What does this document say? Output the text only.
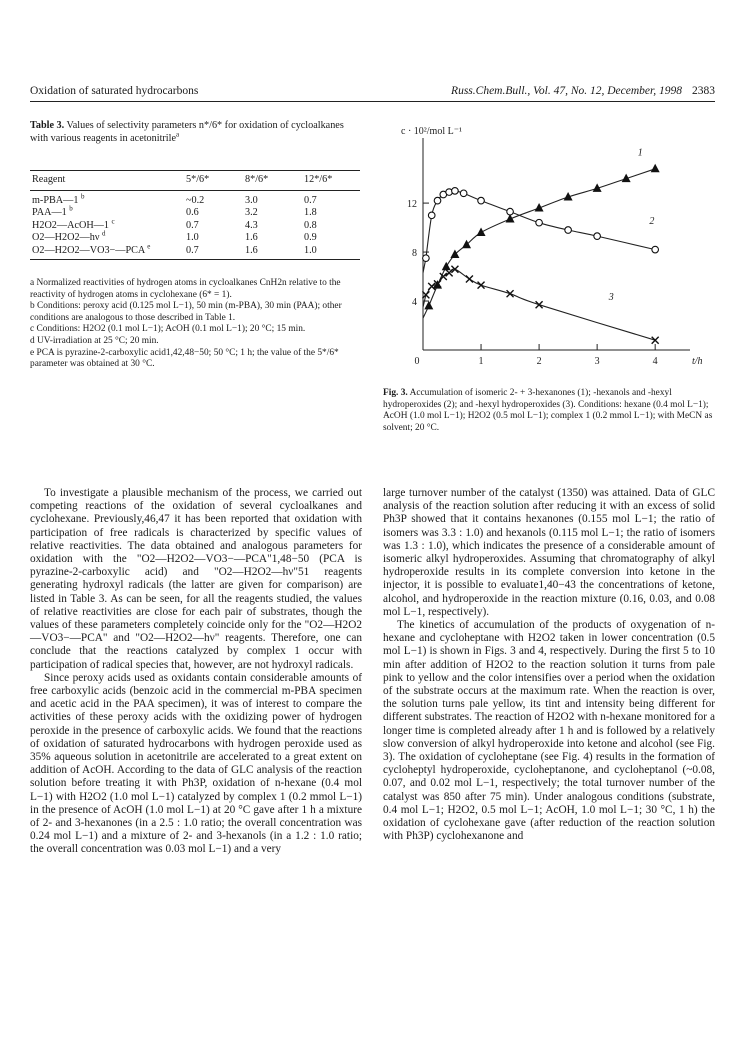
Oxidation of saturated hydrocarbons	Russ.Chem.Bull., Vol. 47, No. 12, December, 1998 2383
Table 3. Values of selectivity parameters n*/6* for oxidation of cycloalkanes with various reagents in acetonitrile$^a$
Reagent	5*/6*	8*/6*	12*/6*
m-PBA—1 $^b$	~0.2	3.0	0.7
PAA—1 $^b$	0.6	3.2	1.8
H2O2—AcOH—1 $^c$	0.7	4.3	0.8
O2—H2O2—hν $^d$	1.0	1.6	0.9
O2—H2O2—VO3−—PCA $^e$	0.7	1.6	1.0

a Normalized reactivities of hydrogen atoms in cycloalkanes CnH2n relative to the reactivity of hydrogen atoms in cyclohexane (6* = 1).

b Conditions: peroxy acid (0.125 mol L−1), 50 min (m-PBA), 30 min (PAA); other conditions are analogous to those described in Table 1.

c Conditions: H2O2 (0.1 mol L−1); AcOH (0.1 mol L−1); 20 °C; 15 min.

d UV-irradiation at 25 °C; 20 min.

e PCA is pyrazine-2-carboxylic acid1,42,48−50; 50 °C; 1 h; the value of the 5*/6* parameter was obtained at 30 °C.

4
8
12
0	1	2	3	4
c · 10²/mol L⁻¹
t/h
1
2
3
Fig. 3. Accumulation of isomeric 2- + 3-hexanones (1); -hexanols and -hexyl hydroperoxides (2); and -hexyl hydroperoxides (3). Conditions: hexane (0.4 mol L−1); AcOH (1.0 mol L−1); H2O2 (0.5 mol L−1); complex 1 (0.2 mmol L−1); with MeCN as solvent; 20 °C.

To investigate a plausible mechanism of the process, we carried out competing reactions of the oxidation of several cycloalkanes and cyclohexane. Previously,46,47 it has been reported that oxidation with participation of free radicals is characterized by specific values of relative reactivities. The data obtained and analogous parameters for oxidation with the "O2—H2O2—VO3−—PCA"1,48−50 (PCA is pyrazine-2-carboxylic acid) and "O2—H2O2—hν"51 reagents generating hydroxyl radicals (the latter are given for comparison) are listed in Table 3. As can be seen, for all the reagents studied, the values of relative reactivities are close for each pair of substrates, though the values of these parameters completely coincide only for the "O2—H2O2—VO3−—PCA" and "O2—H2O2—hν" reagents. Therefore, one can conclude that the reactions catalyzed by complex 1 occur with participation of radical species that, however, are not hydroxyl radicals.

Since peroxy acids used as oxidants contain considerable amounts of free carboxylic acids (benzoic acid in the commercial m-PBA specimen and acetic acid in the PAA specimen), it was of interest to compare the activities of these peroxy acids with the oxidizing power of hydrogen peroxide in the presence of carboxylic acids. We found that the reactions of oxidation of saturated hydrocarbons with hydrogen peroxide used as 35% aqueous solution in acetonitrile are accelerated to a great extent on addition of AcOH. According to the data of GLC analysis of the reaction solution before treating it with Ph3P, oxidation of n-hexane (0.4 mol L−1) with H2O2 (1.0 mol L−1) catalyzed by complex 1 (0.2 mmol L−1) in the presence of AcOH (1.0 mol L−1) at 20 °C gave after 1 h a mixture of 2- and 3-hexanones (in a 2.5 : 1.0 ratio; the overall concentration was 0.24 mol L−1) and a mixture of 2- and 3-hexanols (in a 1.2 : 1.0 ratio; the overall concentration was 0.03 mol L−1) and a very

large turnover number of the catalyst (1350) was attained. Data of GLC analysis of the reaction solution after reducing it with an excess of solid Ph3P showed that it contains hexanones (0.155 mol L−1; the ratio of isomers was 3.3 : 1.0) and hexanols (0.115 mol L−1; the ratio of isomers was 1.3 : 1.0), which indicates the presence of a considerable amount of isomeric alkyl hydroperoxides. Assuming that chromatography of alkyl hydroperoxide results in its complete conversion into ketone in the injector, it is possible to evaluate1,40−43 the concentrations of ketone, alcohol, and hydroperoxide in the reaction mixture (0.16, 0.03, and 0.08 mol L−1, respectively).

The kinetics of accumulation of the products of oxygenation of n-hexane and cycloheptane with H2O2 taken in lower concentration (0.5 mol L−1) is shown in Figs. 3 and 4, respectively. During the first 5 to 10 min after addition of H2O2 to the reaction solution it turns from pale pink to yellow and the color intensifies over a period when the oxidation of the substrate occurs at the maximum rate. When the reaction is over, the solution turns pale yellow, its tint and intensity being different for different substrates. The reaction of H2O2 with n-hexane monitored for a longer time is completed already after 1 h and is followed by a relatively slow conversion of alkyl hydroperoxide into ketone and alcohol (see Fig. 3). The oxidation of cycloheptane (see Fig. 4) results in the formation of cycloheptyl hydroperoxide, cycloheptanone, and cycloheptanol (~0.08, 0.07, and 0.02 mol L−1, respectively; the total turnover number of the catalyst was 850 after 75 min). Under analogous conditions (substrate, 0.4 mol L−1; H2O2, 0.5 mol L−1; AcOH, 1.0 mol L−1; 30 °C, 1 h) the oxidation of cyclohexane gave (after reduction of the reaction solution with Ph3P) cyclohexanone and
